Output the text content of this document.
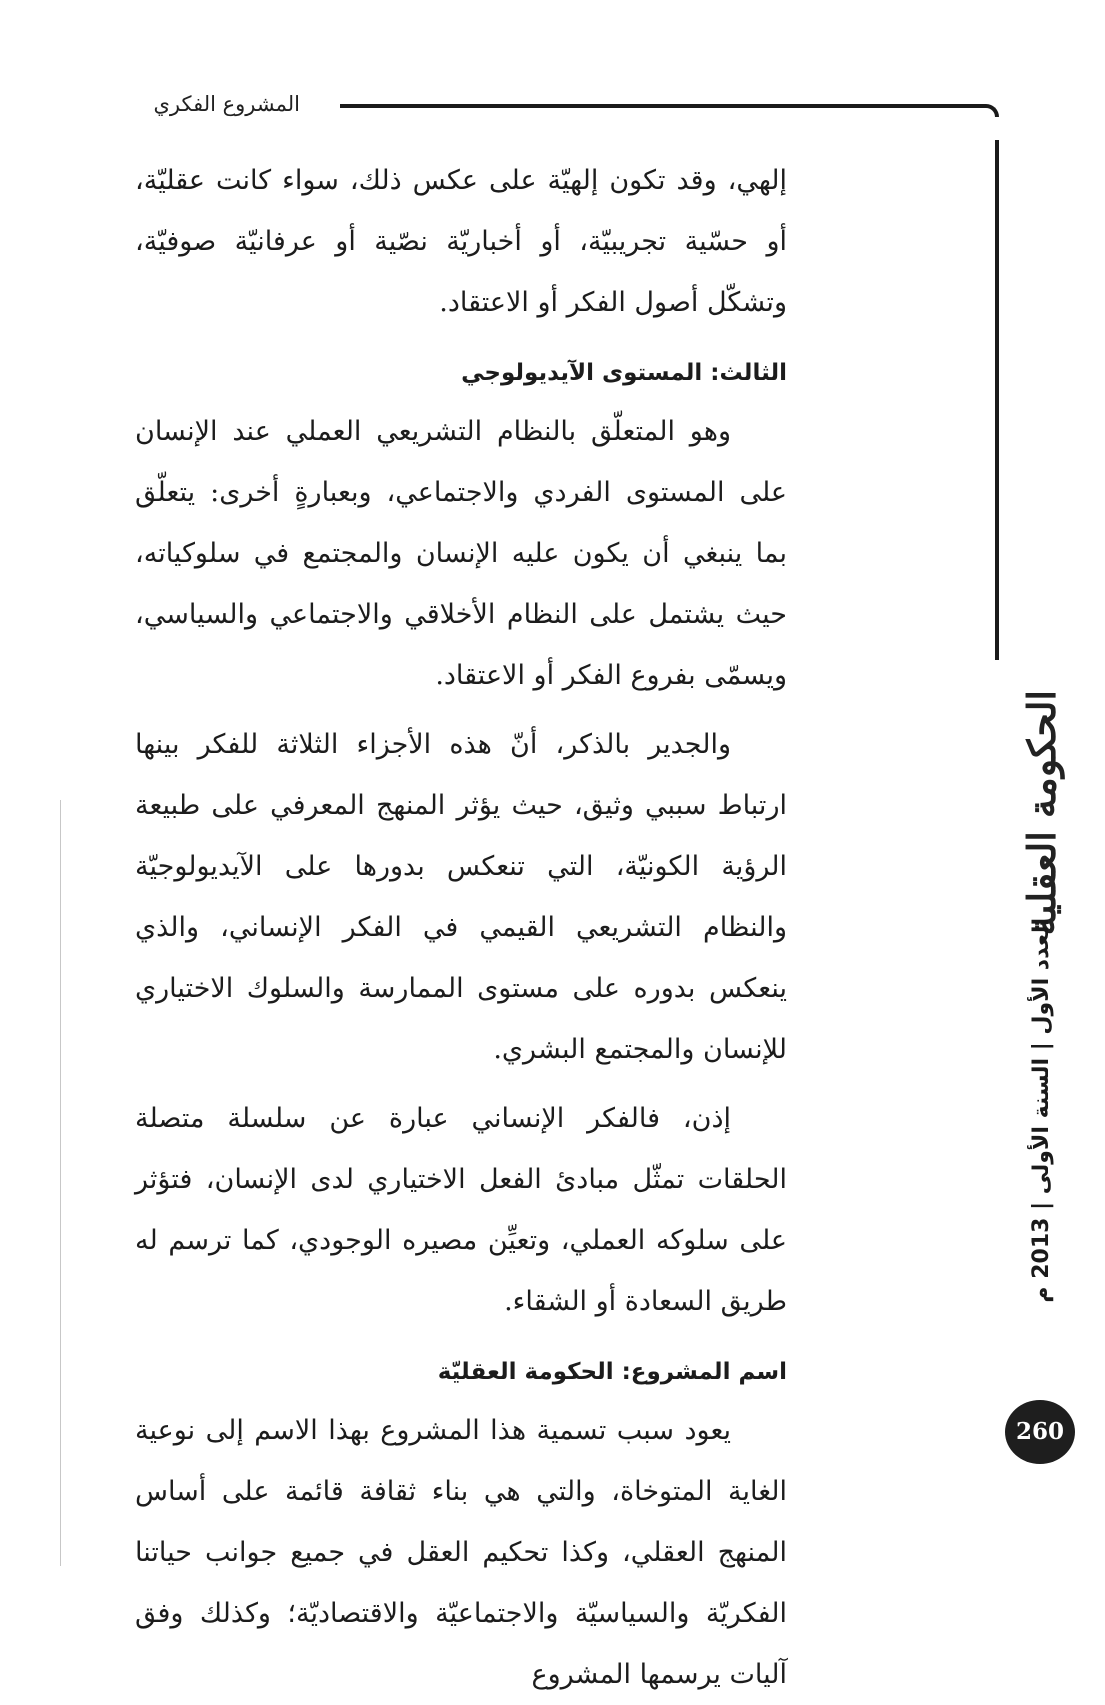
المشروع الفكري

إلهي، وقد تكون إلهيّة على عكس ذلك، سواء كانت عقليّة، أو حسّية تجريبيّة، أو أخباريّة نصّية أو عرفانيّة صوفيّة، وتشكّل أصول الفكر أو الاعتقاد.

الثالث: المستوى الآيديولوجي

وهو المتعلّق بالنظام التشريعي العملي عند الإنسان على المستوى الفردي والاجتماعي، وبعبارةٍ أخرى: يتعلّق بما ينبغي أن يكون عليه الإنسان والمجتمع في سلوكياته، حيث يشتمل على النظام الأخلاقي والاجتماعي والسياسي، ويسمّى بفروع الفكر أو الاعتقاد.

والجدير بالذكر، أنّ هذه الأجزاء الثلاثة للفكر بينها ارتباط سببي وثيق، حيث يؤثر المنهج المعرفي على طبيعة الرؤية الكونيّة، التي تنعكس بدورها على الآيديولوجيّة والنظام التشريعي القيمي في الفكر الإنساني، والذي ينعكس بدوره على مستوى الممارسة والسلوك الاختياري للإنسان والمجتمع البشري.

إذن، فالفكر الإنساني عبارة عن سلسلة متصلة الحلقات تمثّل مبادئ الفعل الاختياري لدى الإنسان، فتؤثر على سلوكه العملي، وتعيِّن مصيره الوجودي، كما ترسم له طريق السعادة أو الشقاء.

اسم المشروع: الحكومة العقليّة

يعود سبب تسمية هذا المشروع بهذا الاسم إلى نوعية الغاية المتوخاة، والتي هي بناء ثقافة قائمة على أساس المنهج العقلي، وكذا تحكيم العقل في جميع جوانب حياتنا الفكريّة والسياسيّة والاجتماعيّة والاقتصاديّة؛ وكذلك وفق آليات يرسمها المشروع

الحكومة العقلية
العدد الأول | السنة الأولى | 2013 م
260
